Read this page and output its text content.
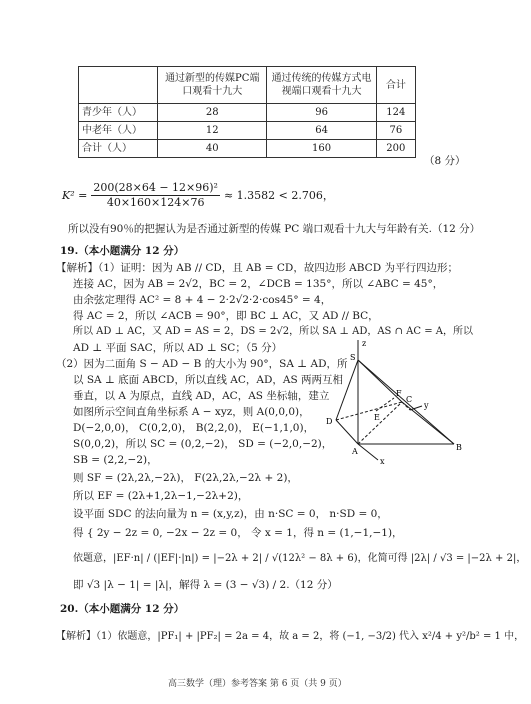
	通过新型的传媒PC端口观看十九大	通过传统的传媒方式电视端口观看十九大	合计
青少年（人）	28	96	124
中老年（人）	12	64	76
合计（人）	40	160	200
（8 分）
$K^2 = \frac{\text{200(28×64 − 12×96)²}}{40\times 160\times 124\times 76} \approx 1.3582 < 2.706$，
所以没有90％的把握认为是否通过新型的传媒 PC 端口观看十九大与年龄有关.（12 分）
19.（本小题满分 12 分）
【解析】（1）证明：因为 AB // CD，且 AB = CD，故四边形 ABCD 为平行四边形；
连接 AC，因为 AB = 2√2，BC = 2，∠DCB = 135°，所以 ∠ABC = 45°，
由余弦定理得 AC² = 8 + 4 − 2·2√2·2·cos45° = 4，
得 AC = 2，所以 ∠ACB = 90°，即 BC ⊥ AC，又 AD // BC，
所以 AD ⊥ AC，又 AD = AS = 2，DS = 2√2，所以 SA ⊥ AD，AS ∩ AC = A，所以
AD ⊥ 平面 SAC，所以 AD ⊥ SC；（5 分）
（2）因为二面角 S − AD − B 的大小为 90°，SA ⊥ AD，所
以 SA ⊥ 底面 ABCD，所以直线 AC，AD，AS 两两互相
垂直，以 A 为原点，直线 AD，AC，AS 坐标轴，建立
如图所示空间直角坐标系 A − xyz，则 A(0,0,0)，
D(−2,0,0)， C(0,2,0)， B(2,2,0)， E(−1,1,0)，
S(0,0,2)，所以 SC = (0,2,−2)， SD = (−2,0,−2)，
SB = (2,2,−2)，
则 SF = (2λ,2λ,−2λ)， F(2λ,2λ,−2λ + 2)，
所以 EF = (2λ+1,2λ−1,−2λ+2)，
设平面 SDC 的法向量为 n = (x,y,z)，由 n·SC = 0， n·SD = 0，
得 { 2y − 2z = 0, −2x − 2z = 0， 令 x = 1，得 n = (1,−1,−1)，
依题意，|EF·n| / (|EF|·|n|) = |−2λ + 2| / √(12λ² − 8λ + 6)，化简可得 |2λ| / √3 = |−2λ + 2|，
即 √3 |λ − 1| = |λ|，解得 λ = (3 − √3) / 2.（12 分）
20.（本小题满分 12 分）
【解析】（1）依题意，|PF₁| + |PF₂| = 2a = 4，故 a = 2，将 (−1, −3/2) 代入 x²/4 + y²/b² = 1 中，
高三数学（理）参考答案 第 6 页（共 9 页）
z
S
F
D	E
C
y
A	B
x
